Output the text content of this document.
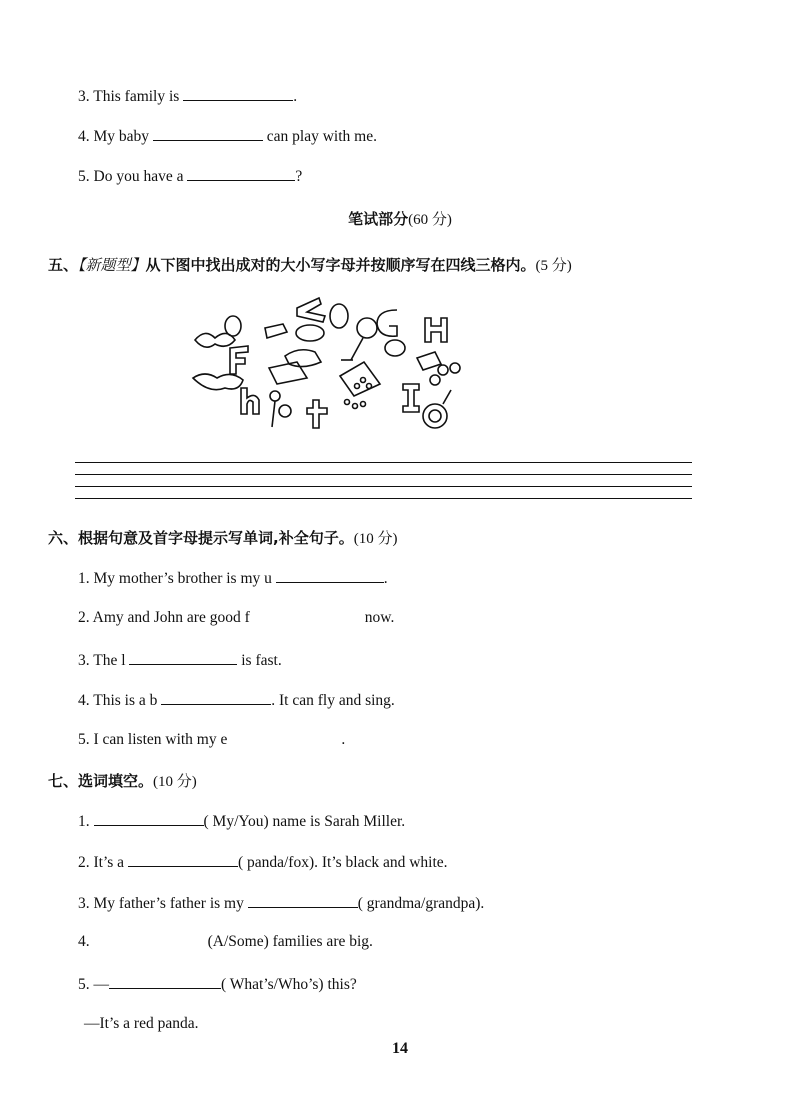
3. This family is	.
4. My baby	can play with me.
5. Do you have a	?
笔试部分(60 分)
五、【新题型】从下图中找出成对的大小写字母并按顺序写在四线三格内。(5 分)
六、根据句意及首字母提示写单词,补全句子。(10 分)
1. My mother’s brother is my u	.
2. Amy and John are good f	now.
3. The l	is fast.
4. This is a b	. It can fly and sing.
5. I can listen with my e	.
七、选词填空。(10 分)
1.	( My/You) name is Sarah Miller.
2. It’s a	( panda/fox). It’s black and white.
3. My father’s father is my	( grandma/grandpa).
4.	(A/Some) families are big.
5. —	( What’s/Who’s) this?
—It’s a red panda.
14
